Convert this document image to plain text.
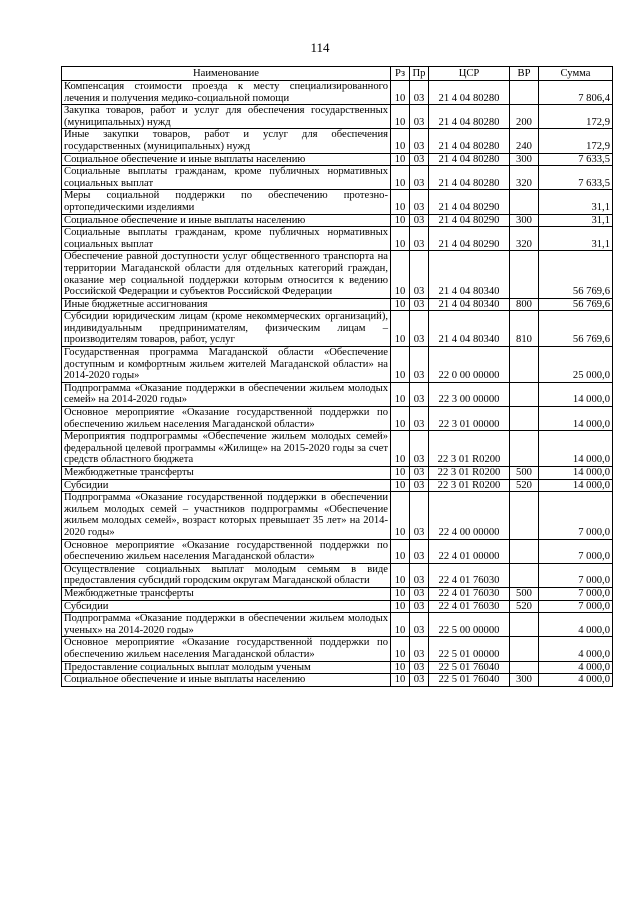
114
Наименование	Рз	Пр	ЦСР	ВР	Сумма
Компенсация стоимости проезда к месту специализированного лечения и получения медико-социальной помощи	10	03	21 4 04 80280		7 806,4
Закупка товаров, работ и услуг для обеспечения государственных (муниципальных) нужд	10	03	21 4 04 80280	200	172,9
Иные закупки товаров, работ и услуг для обеспечения государственных (муниципальных) нужд	10	03	21 4 04 80280	240	172,9
Социальное обеспечение и иные выплаты населению	10	03	21 4 04 80280	300	7 633,5
Социальные выплаты гражданам, кроме публичных нормативных социальных выплат	10	03	21 4 04 80280	320	7 633,5
Меры социальной поддержки по обеспечению протезно-ортопедическими изделиями	10	03	21 4 04 80290		31,1
Социальное обеспечение и иные выплаты населению	10	03	21 4 04 80290	300	31,1
Социальные выплаты гражданам, кроме публичных нормативных социальных выплат	10	03	21 4 04 80290	320	31,1
Обеспечение равной доступности услуг общественного транспорта на территории Магаданской области для отдельных категорий граждан, оказание мер социальной поддержки которым относится к ведению Российской Федерации и субъектов Российской Федерации	10	03	21 4 04 80340		56 769,6
Иные бюджетные ассигнования	10	03	21 4 04 80340	800	56 769,6
Субсидии юридическим лицам (кроме некоммерческих организаций), индивидуальным предпринимателям, физическим лицам – производителям товаров, работ, услуг	10	03	21 4 04 80340	810	56 769,6
Государственная программа Магаданской области «Обеспечение доступным и комфортным жильем жителей Магаданской области» на 2014-2020 годы»	10	03	22 0 00 00000		25 000,0
Подпрограмма «Оказание поддержки в обеспечении жильем молодых семей» на 2014-2020 годы»	10	03	22 3 00 00000		14 000,0
Основное мероприятие «Оказание государственной поддержки по обеспечению жильем населения Магаданской области»	10	03	22 3 01 00000		14 000,0
Мероприятия подпрограммы «Обеспечение жильем молодых семей» федеральной целевой программы «Жилище» на 2015-2020 годы за счет средств областного бюджета	10	03	22 3 01 R0200		14 000,0
Межбюджетные трансферты	10	03	22 3 01 R0200	500	14 000,0
Субсидии	10	03	22 3 01 R0200	520	14 000,0
Подпрограмма «Оказание государственной поддержки в обеспечении жильем молодых семей – участников подпрограммы «Обеспечение жильем молодых семей», возраст которых превышает 35 лет» на 2014-2020 годы»	10	03	22 4 00 00000		7 000,0
Основное мероприятие «Оказание государственной поддержки по обеспечению жильем населения Магаданской области»	10	03	22 4 01 00000		7 000,0
Осуществление социальных выплат молодым семьям в виде предоставления субсидий городским округам Магаданской области	10	03	22 4 01 76030		7 000,0
Межбюджетные трансферты	10	03	22 4 01 76030	500	7 000,0
Субсидии	10	03	22 4 01 76030	520	7 000,0
Подпрограмма «Оказание поддержки в обеспечении жильем молодых ученых» на 2014-2020 годы»	10	03	22 5 00 00000		4 000,0
Основное мероприятие «Оказание государственной поддержки по обеспечению жильем населения Магаданской области»	10	03	22 5 01 00000		4 000,0
Предоставление социальных выплат молодым ученым	10	03	22 5 01 76040		4 000,0
Социальное обеспечение и иные выплаты населению	10	03	22 5 01 76040	300	4 000,0
